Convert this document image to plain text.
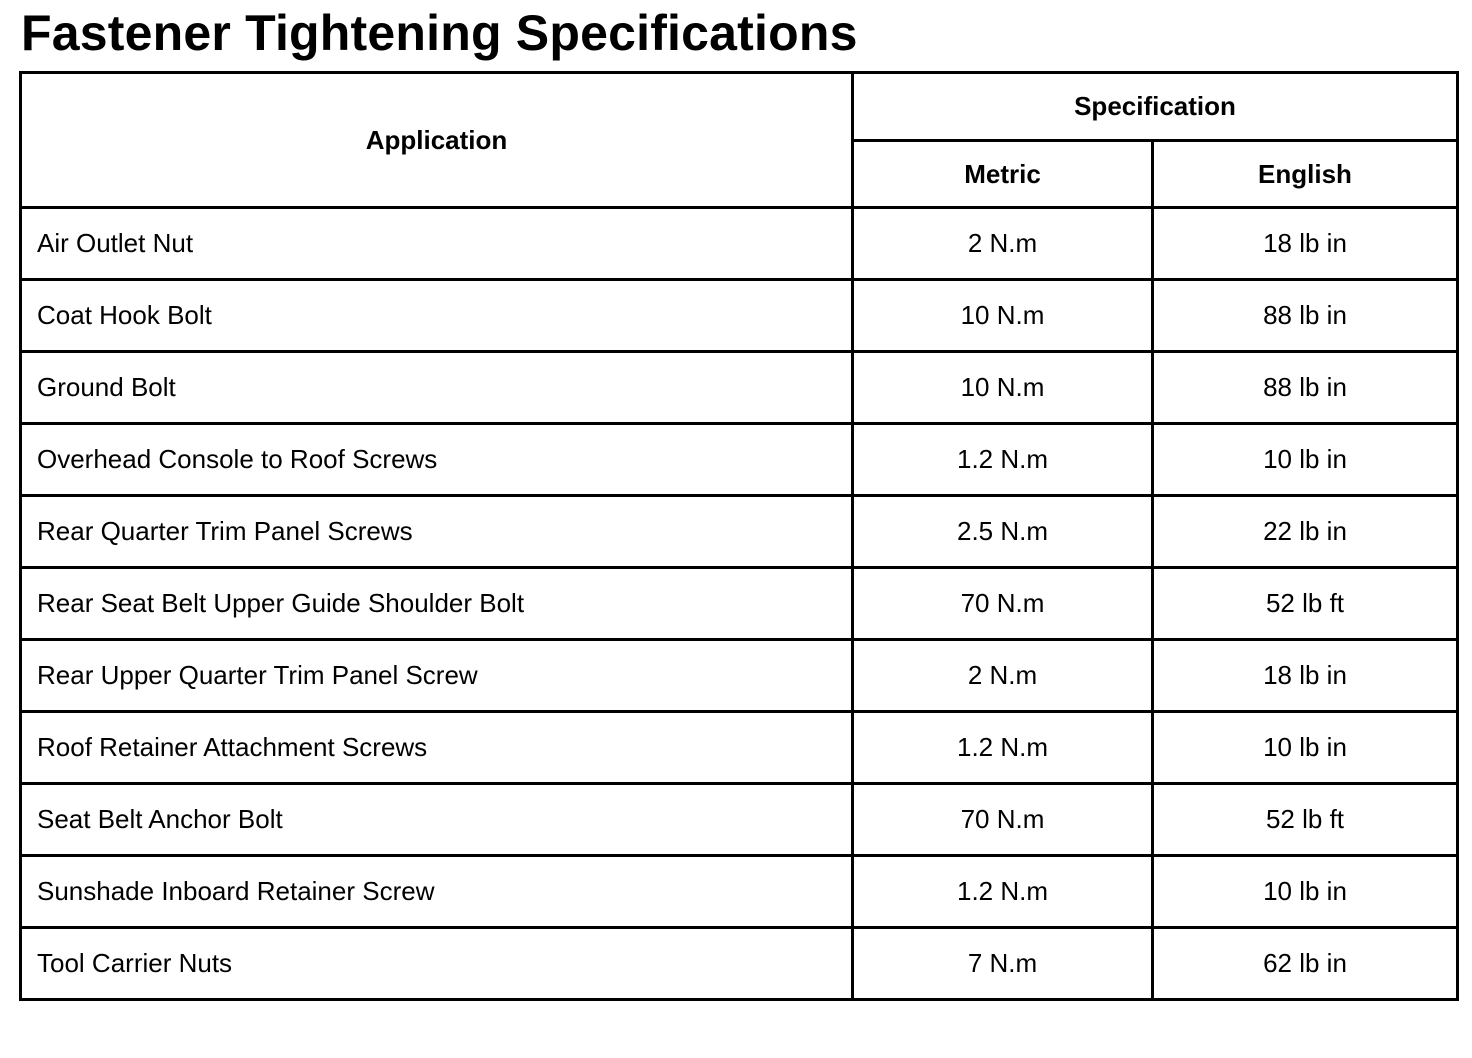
Fastener Tightening Specifications
Application	Specification	
	Metric	English
Air Outlet Nut	2 N.m	18 lb in
Coat Hook Bolt	10 N.m	88 lb in
Ground Bolt	10 N.m	88 lb in
Overhead Console to Roof Screws	1.2 N.m	10 lb in
Rear Quarter Trim Panel Screws	2.5 N.m	22 lb in
Rear Seat Belt Upper Guide Shoulder Bolt	70 N.m	52 lb ft
Rear Upper Quarter Trim Panel Screw	2 N.m	18 lb in
Roof Retainer Attachment Screws	1.2 N.m	10 lb in
Seat Belt Anchor Bolt	70 N.m	52 lb ft
Sunshade Inboard Retainer Screw	1.2 N.m	10 lb in
Tool Carrier Nuts	7 N.m	62 lb in
